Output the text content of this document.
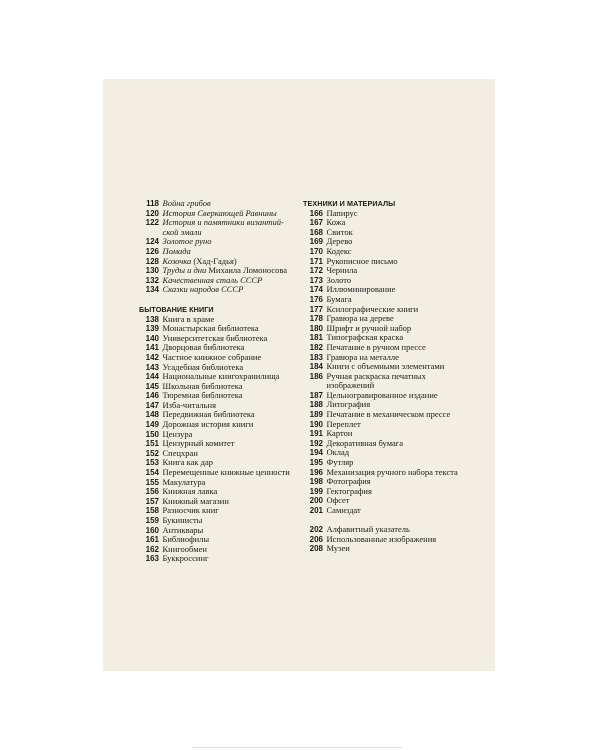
118 Война грибов
120 История Сверкающей Равнины
122 История и памятники византий-ской эмали
124 Золотое руно
126 Помада
128 Козочка (Хад-Гадья)
130 Труды и дни Михаила Ломоносова
132 Качественная сталь СССР
134 Сказки народов СССР
БЫТОВАНИЕ КНИГИ
138 Книга в храме
139 Монастырская библиотека
140 Университетская библиотека
141 Дворцовая библиотека
142 Частное книжное собрание
143 Усадебная библиотека
144 Национальные книгохранилища
145 Школьная библиотека
146 Тюремная библиотека
147 Изба-читальня
148 Передвижная библиотека
149 Дорожная история книги
150 Цензура
151 Цензурный комитет
152 Спецхран
153 Книга как дар
154 Перемещенные книжные ценности
155 Макулатура
156 Книжная лавка
157 Книжный магазин
158 Разносчик книг
159 Букинисты
160 Антиквары
161 Библиофилы
162 Книгообмен
163 Буккроссинг
ТЕХНИКИ И МАТЕРИАЛЫ
166 Папирус
167 Кожа
168 Свиток
169 Дерево
170 Кодекс
171 Рукописное письмо
172 Чернила
173 Золото
174 Иллюминирование
176 Бумага
177 Ксилографические книги
178 Гравюра на дереве
180 Шрифт и ручной набор
181 Типографская краска
182 Печатание в ручном прессе
183 Гравюра на металле
184 Книги с объемными элементами
186 Ручная раскраска печатных изображений
187 Цельногравированное издание
188 Литография
189 Печатание в механическом прессе
190 Переплет
191 Картон
192 Декоративная бумага
194 Оклад
195 Футляр
196 Механизация ручного набора текста
198 Фотография
199 Гектография
200 Офсет
201 Самиздат
202 Алфавитный указатель
206 Использованные изображения
208 Музеи
